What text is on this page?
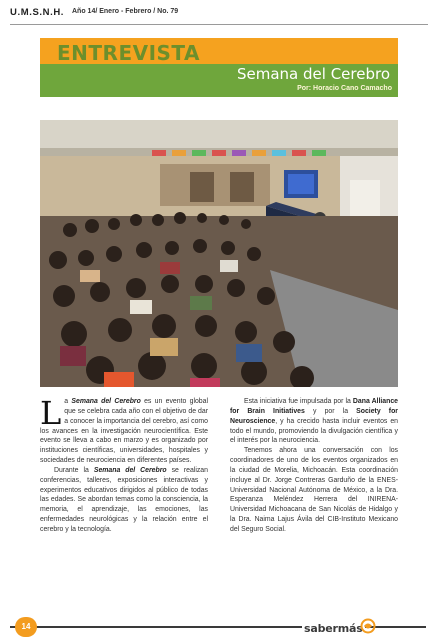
U.M.S.N.H. Año 14/ Enero - Febrero / No. 79
ENTREVISTA
Semana del Cerebro
Por: Horacio Cano Camacho

La Semana del Cerebro es un evento global que se celebra cada año con el objetivo de dar a conocer la importancia del cerebro, así como los avances en la investigación neurocientífica. Este evento se lleva a cabo en marzo y es organizado por instituciones científicas, universidades, hospitales y sociedades de neurociencia en diferentes países.

Durante la Semana del Cerebro se realizan conferencias, talleres, exposiciones interactivas y experimentos educativos dirigidos al público de todas las edades. Se abordan temas como la consciencia, la memoria, el aprendizaje, las emociones, las enfermedades neurológicas y la relación entre el cerebro y la tecnología.

Esta iniciativa fue impulsada por la Dana Alliance for Brain Initiatives y por la Society for Neuroscience, y ha crecido hasta incluir eventos en todo el mundo, promoviendo la divulgación científica y el interés por la neurociencia.

Tenemos ahora una conversación con los coordinadores de uno de los eventos organizados en la ciudad de Morelia, Michoacán. Esta coordinación incluye al Dr. Jorge Contreras Garduño de la ENES-Universidad Nacional Autónoma de México, a la Dra. Esperanza Meléndez Herrera del INIRENA-Universidad Michoacana de San Nicolás de Hidalgo y la Dra. Naima Lajus Ávila del CIB-Instituto Mexicano del Seguro Social.

14	sabermás
